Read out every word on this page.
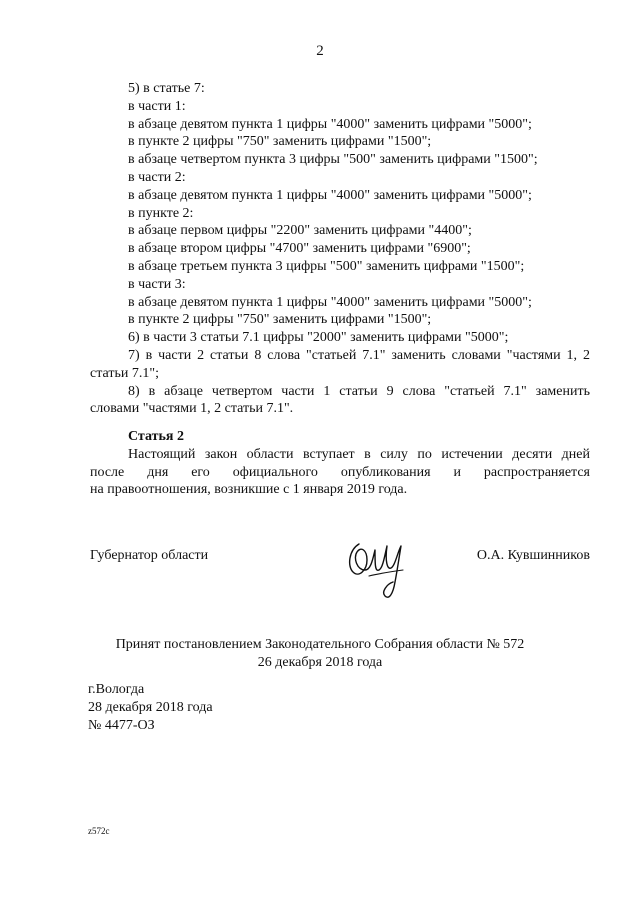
2
5) в статье 7:
в части 1:
в абзаце девятом пункта 1 цифры "4000" заменить цифрами "5000";
в пункте 2 цифры "750" заменить цифрами "1500";
в абзаце четвертом пункта 3 цифры "500" заменить цифрами "1500";
в части 2:
в абзаце девятом пункта 1 цифры "4000" заменить цифрами "5000";
в пункте 2:
в абзаце первом цифры "2200" заменить цифрами "4400";
в абзаце втором цифры "4700" заменить цифрами "6900";
в абзаце третьем пункта 3 цифры "500" заменить цифрами "1500";
в части 3:
в абзаце девятом пункта 1 цифры "4000" заменить цифрами "5000";
в пункте 2 цифры "750" заменить цифрами "1500";
6) в части 3 статьи 7.1 цифры "2000" заменить цифрами "5000";
7) в части 2 статьи 8 слова "статьей 7.1" заменить словами "частями 1, 2
статьи 7.1";
8) в абзаце четвертом части 1 статьи 9 слова "статьей 7.1" заменить
словами "частями 1, 2 статьи 7.1".
Статья 2
Настоящий закон области вступает в силу по истечении десяти дней
после дня его официального опубликования и распространяется
на правоотношения, возникшие с 1 января 2019 года.
Губернатор области	О.А. Кувшинников
Принят постановлением Законодательного Собрания области № 572
26 декабря 2018 года
г.Вологда
28 декабря 2018 года
№ 4477-ОЗ
z572c
